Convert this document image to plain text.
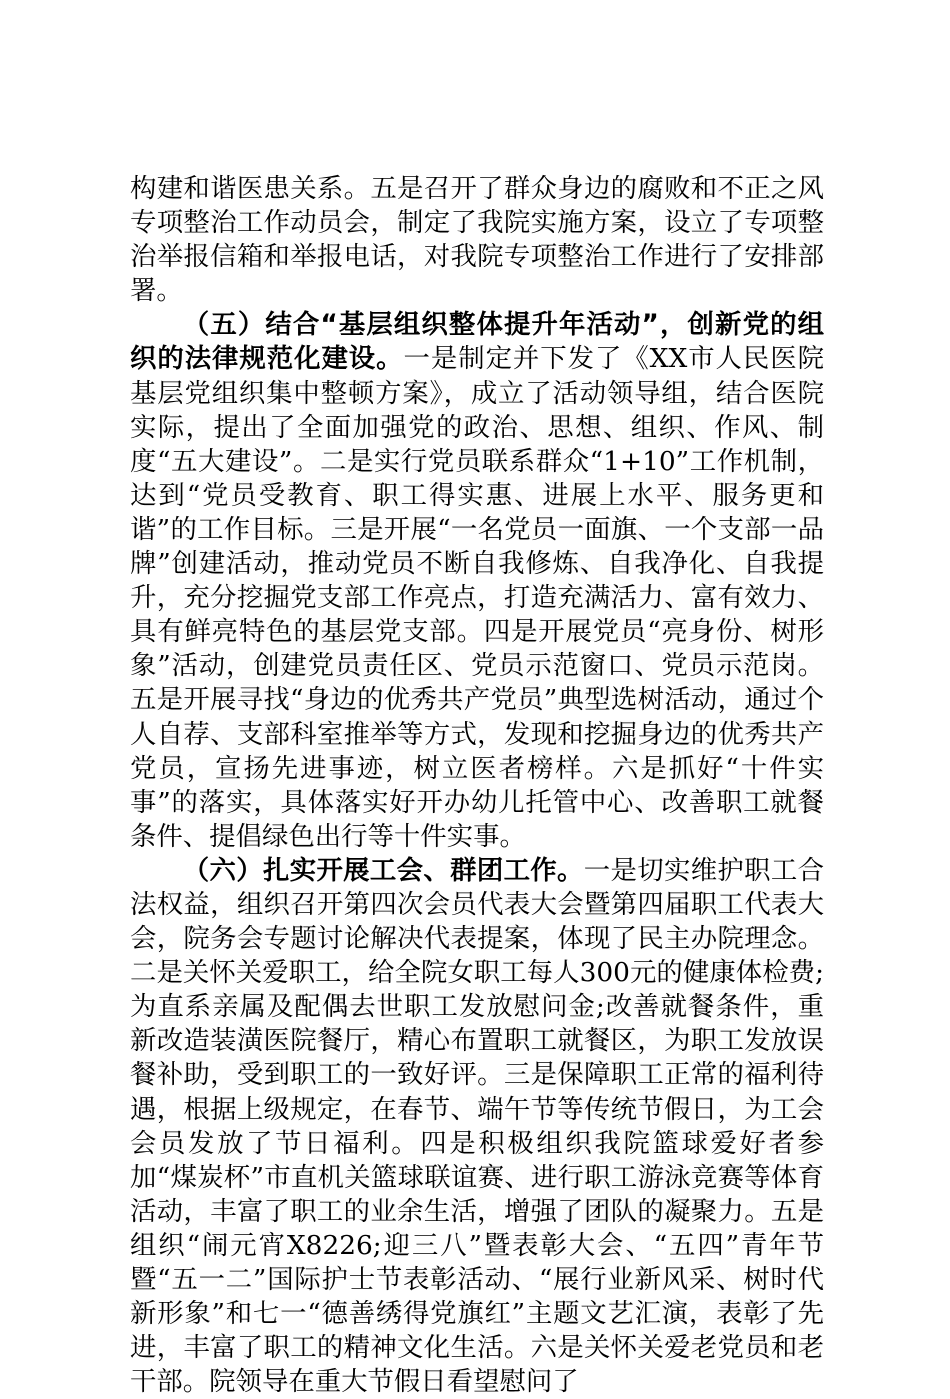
构建和谐医患关系。五是召开了群众身边的腐败和不正之风专项整治工作动员会，制定了我院实施方案，设立了专项整治举报信箱和举报电话，对我院专项整治工作进行了安排部署。

（五）结合“基层组织整体提升年活动”，创新党的组织的法律规范化建设。一是制定并下发了《XX市人民医院基层党组织集中整顿方案》，成立了活动领导组，结合医院实际，提出了全面加强党的政治、思想、组织、作风、制度“五大建设”。二是实行党员联系群众“1+10”工作机制，达到“党员受教育、职工得实惠、进展上水平、服务更和谐”的工作目标。三是开展“一名党员一面旗、一个支部一品牌”创建活动，推动党员不断自我修炼、自我净化、自我提升，充分挖掘党支部工作亮点，打造充满活力、富有效力、具有鲜亮特色的基层党支部。四是开展党员“亮身份、树形象”活动，创建党员责任区、党员示范窗口、党员示范岗。五是开展寻找“身边的优秀共产党员”典型选树活动，通过个人自荐、支部科室推举等方式，发现和挖掘身边的优秀共产党员，宣扬先进事迹，树立医者榜样。六是抓好“十件实事”的落实，具体落实好开办幼儿托管中心、改善职工就餐条件、提倡绿色出行等十件实事。

（六）扎实开展工会、群团工作。一是切实维护职工合法权益，组织召开第四次会员代表大会暨第四届职工代表大会，院务会专题讨论解决代表提案，体现了民主办院理念。二是关怀关爱职工，给全院女职工每人300元的健康体检费;为直系亲属及配偶去世职工发放慰问金;改善就餐条件，重新改造装潢医院餐厅，精心布置职工就餐区，为职工发放误餐补助，受到职工的一致好评。三是保障职工正常的福利待遇，根据上级规定，在春节、端午节等传统节假日，为工会会员发放了节日福利。四是积极组织我院篮球爱好者参加“煤炭杯”市直机关篮球联谊赛、进行职工游泳竞赛等体育活动，丰富了职工的业余生活，增强了团队的凝聚力。五是组织“闹元宵X8226;迎三八”暨表彰大会、“五四”青年节暨“五一二”国际护士节表彰活动、“展行业新风采、树时代新形象”和七一“德善绣得党旗红”主题文艺汇演，表彰了先进，丰富了职工的精神文化生活。六是关怀关爱老党员和老干部。院领导在重大节假日看望慰问了
